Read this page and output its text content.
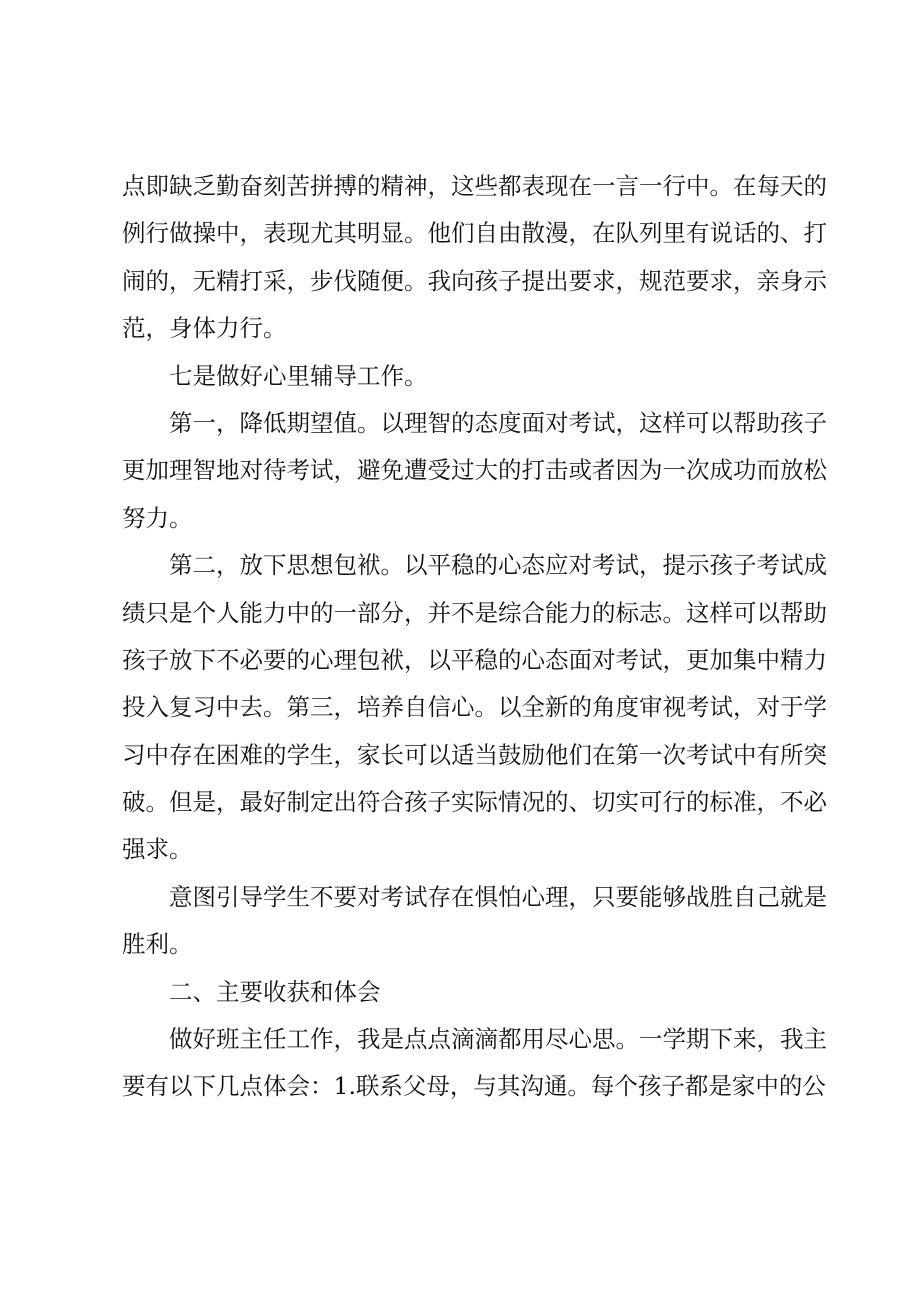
点即缺乏勤奋刻苦拼搏的精神，这些都表现在一言一行中。在每天的
例行做操中，表现尤其明显。他们自由散漫，在队列里有说话的、打
闹的，无精打采，步伐随便。我向孩子提出要求，规范要求，亲身示
范，身体力行。
七是做好心里辅导工作。
第一，降低期望值。以理智的态度面对考试，这样可以帮助孩子
更加理智地对待考试，避免遭受过大的打击或者因为一次成功而放松
努力。
第二，放下思想包袱。以平稳的心态应对考试，提示孩子考试成
绩只是个人能力中的一部分，并不是综合能力的标志。这样可以帮助
孩子放下不必要的心理包袱，以平稳的心态面对考试，更加集中精力
投入复习中去。第三，培养自信心。以全新的角度审视考试，对于学
习中存在困难的学生，家长可以适当鼓励他们在第一次考试中有所突
破。但是，最好制定出符合孩子实际情况的、切实可行的标准，不必
强求。
意图引导学生不要对考试存在惧怕心理，只要能够战胜自己就是
胜利。
二、主要收获和体会
做好班主任工作，我是点点滴滴都用尽心思。一学期下来，我主
要有以下几点体会：1.联系父母，与其沟通。每个孩子都是家中的公
